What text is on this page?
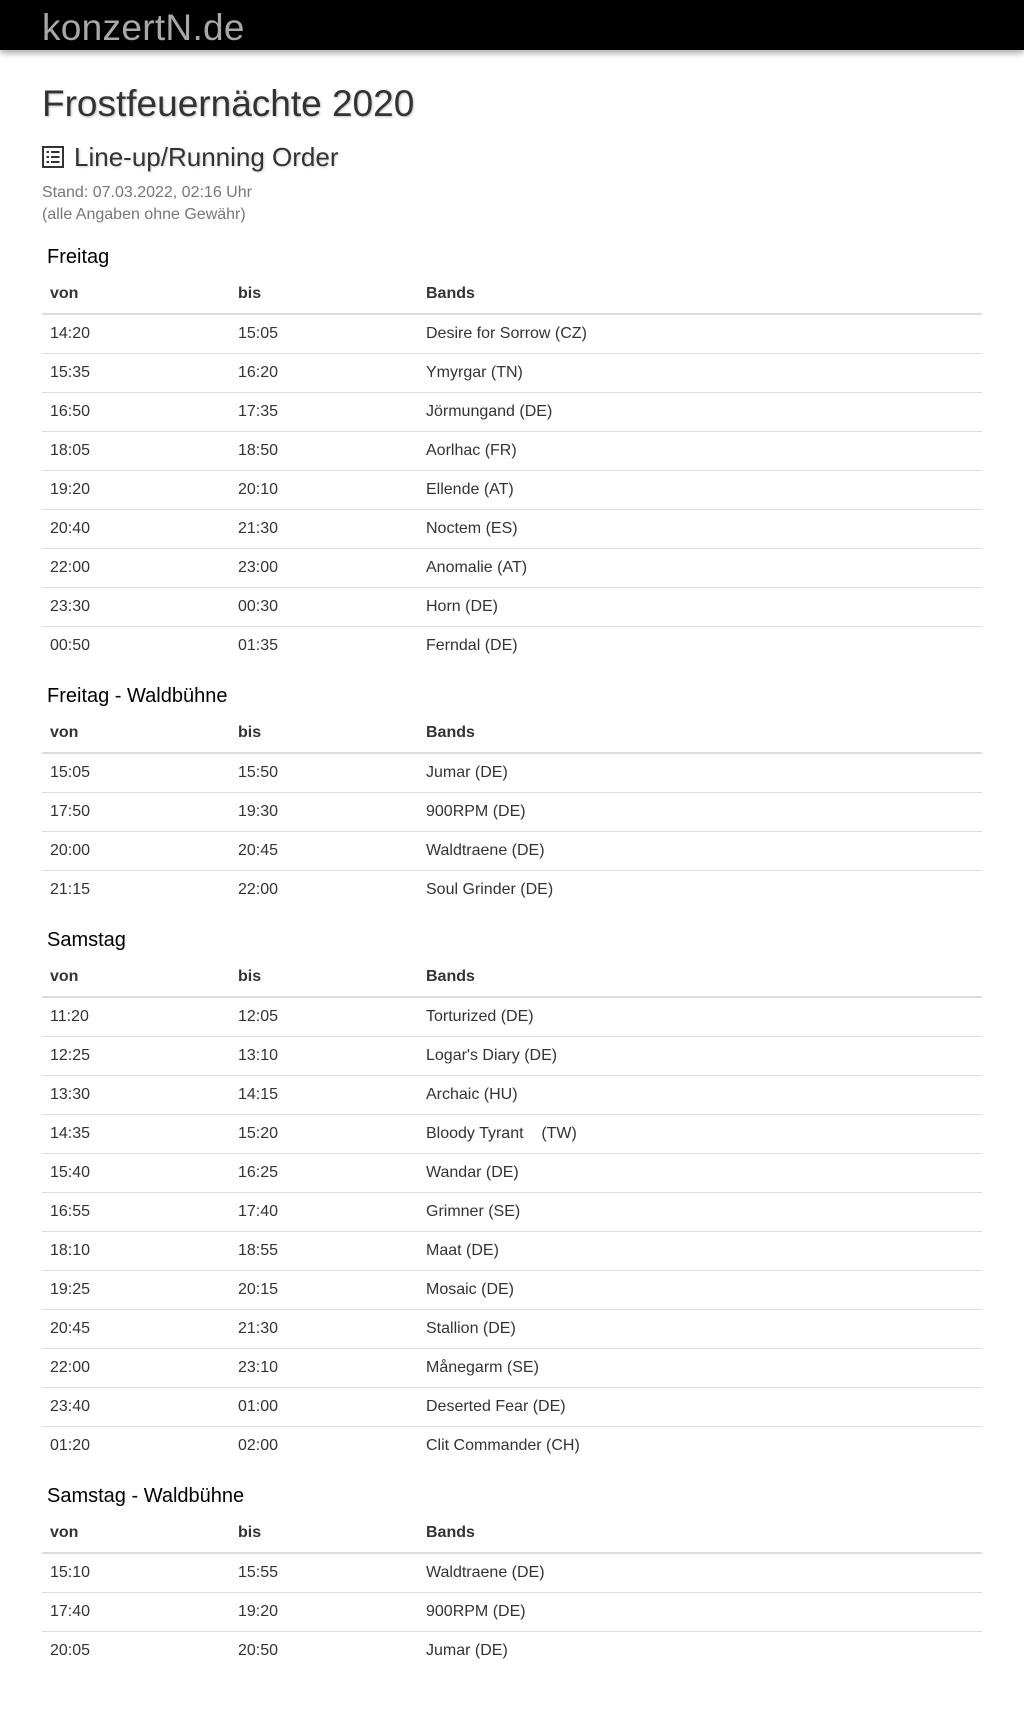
konzertN.de
Frostfeuernächte 2020
Line-up/Running Order
Stand: 07.03.2022, 02:16 Uhr
(alle Angaben ohne Gewähr)
Freitag
von	bis	Bands
14:20	15:05	Desire for Sorrow (CZ)
15:35	16:20	Ymyrgar (TN)
16:50	17:35	Jörmungand (DE)
18:05	18:50	Aorlhac (FR)
19:20	20:10	Ellende (AT)
20:40	21:30	Noctem (ES)
22:00	23:00	Anomalie (AT)
23:30	00:30	Horn (DE)
00:50	01:35	Ferndal (DE)
Freitag - Waldbühne
von	bis	Bands
15:05	15:50	Jumar (DE)
17:50	19:30	900RPM (DE)
20:00	20:45	Waldtraene (DE)
21:15	22:00	Soul Grinder (DE)
Samstag
von	bis	Bands
11:20	12:05	Torturized (DE)
12:25	13:10	Logar's Diary (DE)
13:30	14:15	Archaic (HU)
14:35	15:20	Bloody Tyrant    (TW)
15:40	16:25	Wandar (DE)
16:55	17:40	Grimner (SE)
18:10	18:55	Maat (DE)
19:25	20:15	Mosaic (DE)
20:45	21:30	Stallion (DE)
22:00	23:10	Månegarm (SE)
23:40	01:00	Deserted Fear (DE)
01:20	02:00	Clit Commander (CH)
Samstag - Waldbühne
von	bis	Bands
15:10	15:55	Waldtraene (DE)
17:40	19:20	900RPM (DE)
20:05	20:50	Jumar (DE)
